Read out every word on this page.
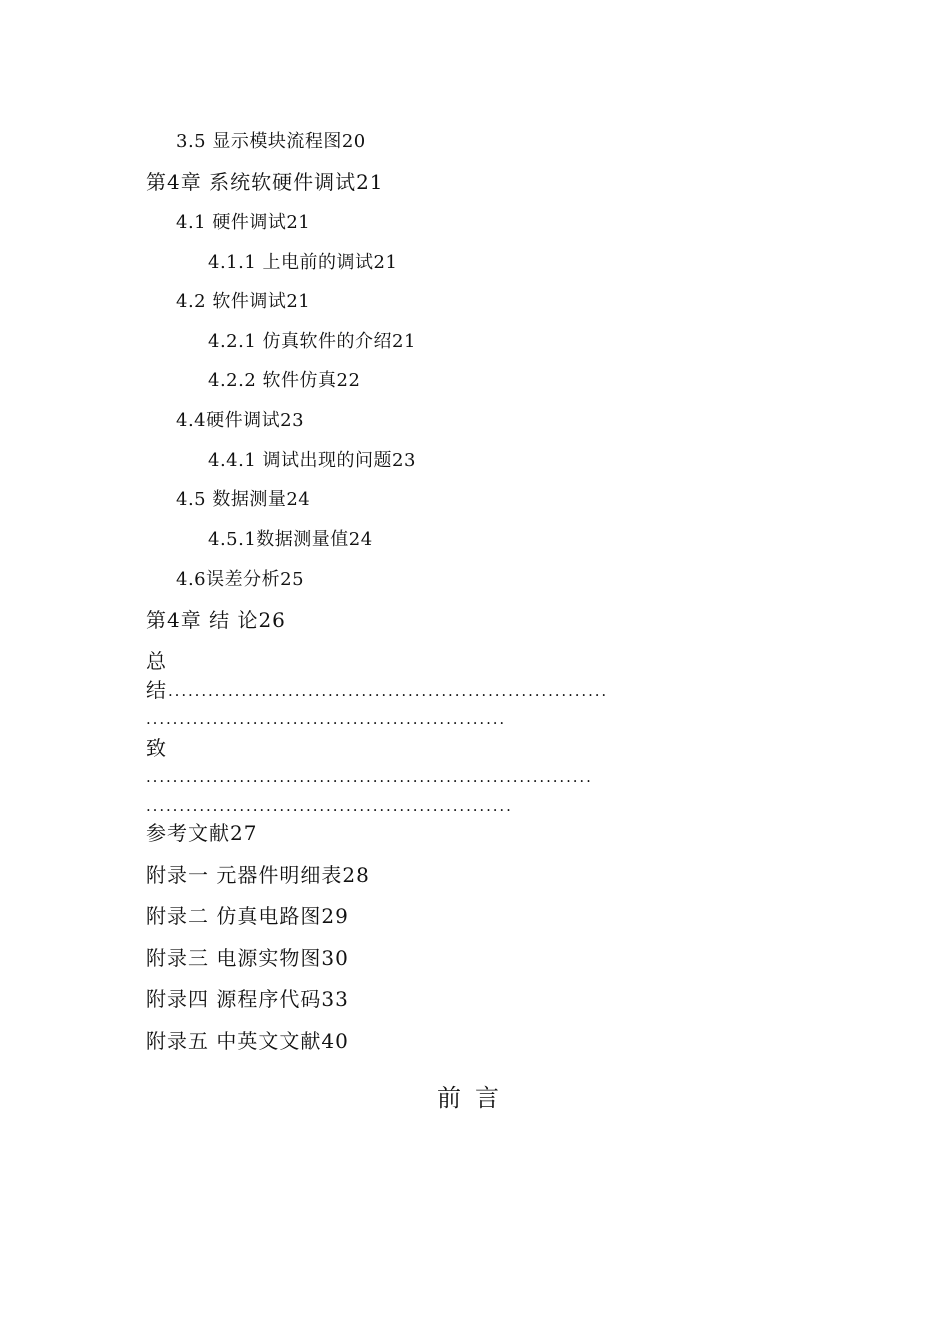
3.5 显示模块流程图20
第4章 系统软硬件调试21
4.1 硬件调试21
4.1.1 上电前的调试21
4.2 软件调试21
4.2.1 仿真软件的介绍21
4.2.2 软件仿真22
4.4硬件调试23
4.4.1 调试出现的问题23
4.5 数据测量24
4.5.1数据测量值24
4.6误差分析25
第4章 结 论26
总
结 ..................................................................
......................................................
致
...................................................................
.......................................................
参考文献27
附录一 元器件明细表28
附录二 仿真电路图29
附录三 电源实物图30
附录四 源程序代码33
附录五 中英文文献40
前言
